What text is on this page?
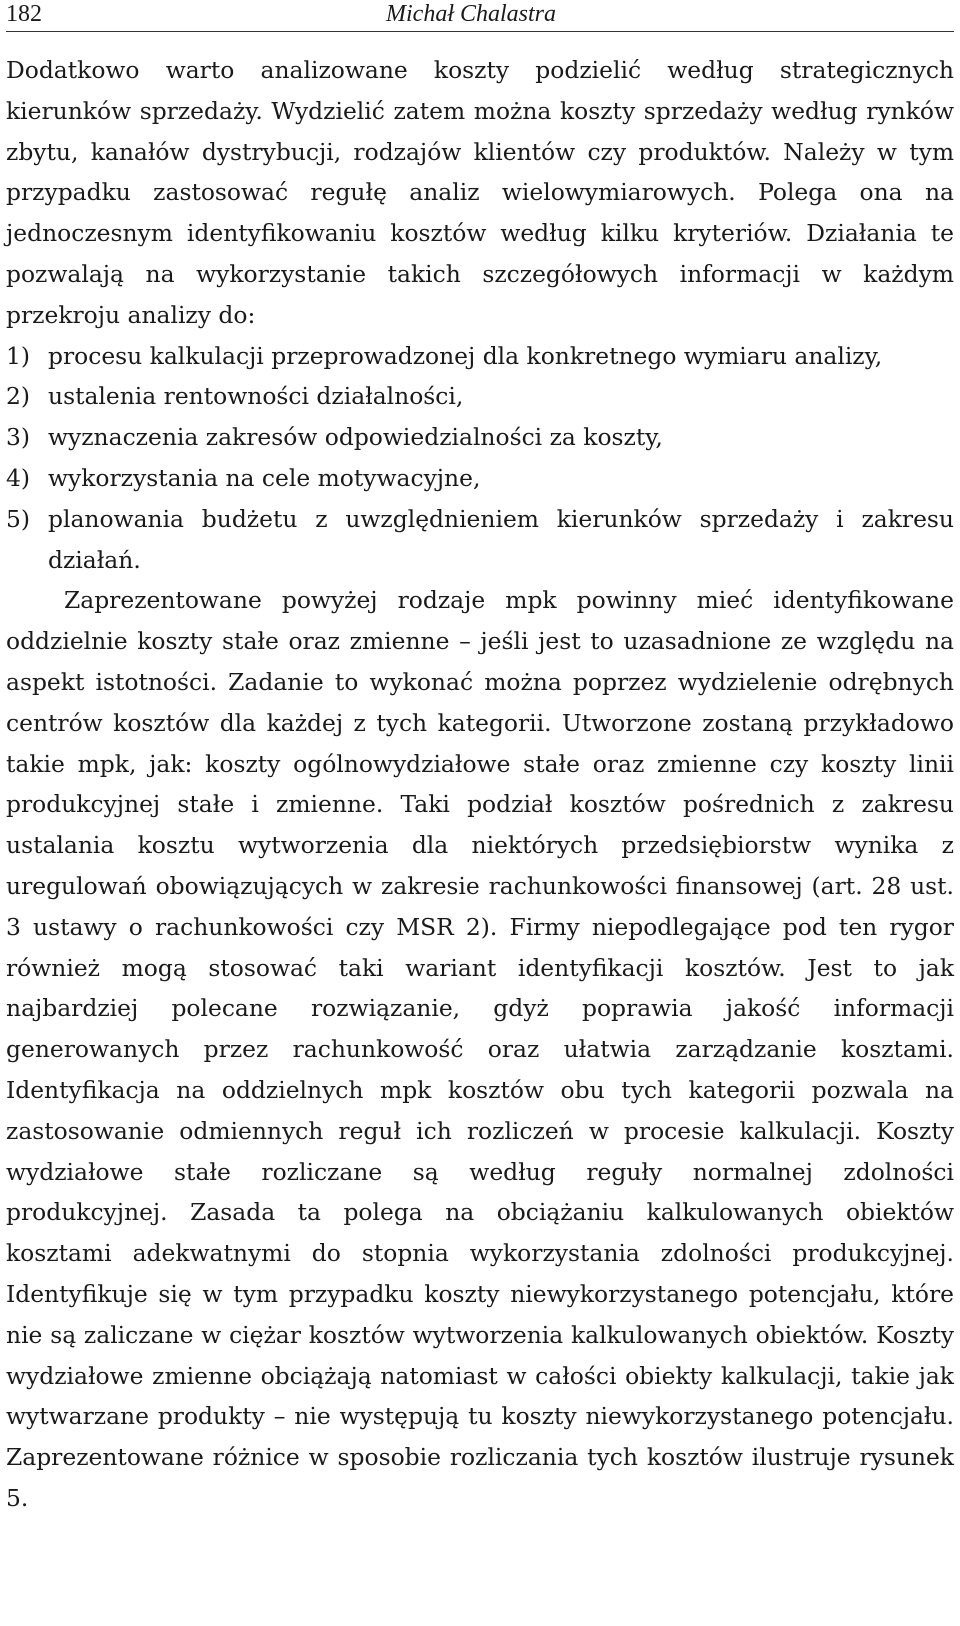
182	Michał Chalastra

Dodatkowo warto analizowane koszty podzielić według strategicznych kierunków sprzedaży. Wydzielić zatem można koszty sprzedaży według rynków zbytu, kanałów dystrybucji, rodzajów klientów czy produktów. Należy w tym przypadku zastosować regułę analiz wielowymiarowych. Polega ona na jednoczesnym identyfikowaniu kosztów według kilku kryteriów. Działania te pozwalają na wykorzystanie takich szczegółowych informacji w każdym przekroju analizy do:

1) procesu kalkulacji przeprowadzonej dla konkretnego wymiaru analizy,
2) ustalenia rentowności działalności,
3) wyznaczenia zakresów odpowiedzialności za koszty,
4) wykorzystania na cele motywacyjne,
5) planowania budżetu z uwzględnieniem kierunków sprzedaży i zakresu działań.

Zaprezentowane powyżej rodzaje mpk powinny mieć identyfikowane oddzielnie koszty stałe oraz zmienne – jeśli jest to uzasadnione ze względu na aspekt istotności. Zadanie to wykonać można poprzez wydzielenie odrębnych centrów kosztów dla każdej z tych kategorii. Utworzone zostaną przykładowo takie mpk, jak: koszty ogólnowydziałowe stałe oraz zmienne czy koszty linii produkcyjnej stałe i zmienne. Taki podział kosztów pośrednich z zakresu ustalania kosztu wytworzenia dla niektórych przedsiębiorstw wynika z uregulowań obowiązujących w zakresie rachunkowości finansowej (art. 28 ust. 3 ustawy o rachunkowości czy MSR 2). Firmy niepodlegające pod ten rygor również mogą stosować taki wariant identyfikacji kosztów. Jest to jak najbardziej polecane rozwiązanie, gdyż poprawia jakość informacji generowanych przez rachunkowość oraz ułatwia zarządzanie kosztami. Identyfikacja na oddzielnych mpk kosztów obu tych kategorii pozwala na zastosowanie odmiennych reguł ich rozliczeń w procesie kalkulacji. Koszty wydziałowe stałe rozliczane są według reguły normalnej zdolności produkcyjnej. Zasada ta polega na obciążaniu kalkulowanych obiektów kosztami adekwatnymi do stopnia wykorzystania zdolności produkcyjnej. Identyfikuje się w tym przypadku koszty niewykorzystanego potencjału, które nie są zaliczane w ciężar kosztów wytworzenia kalkulowanych obiektów. Koszty wydziałowe zmienne obciążają natomiast w całości obiekty kalkulacji, takie jak wytwarzane produkty – nie występują tu koszty niewykorzystanego potencjału. Zaprezentowane różnice w sposobie rozliczania tych kosztów ilustruje rysunek 5.
